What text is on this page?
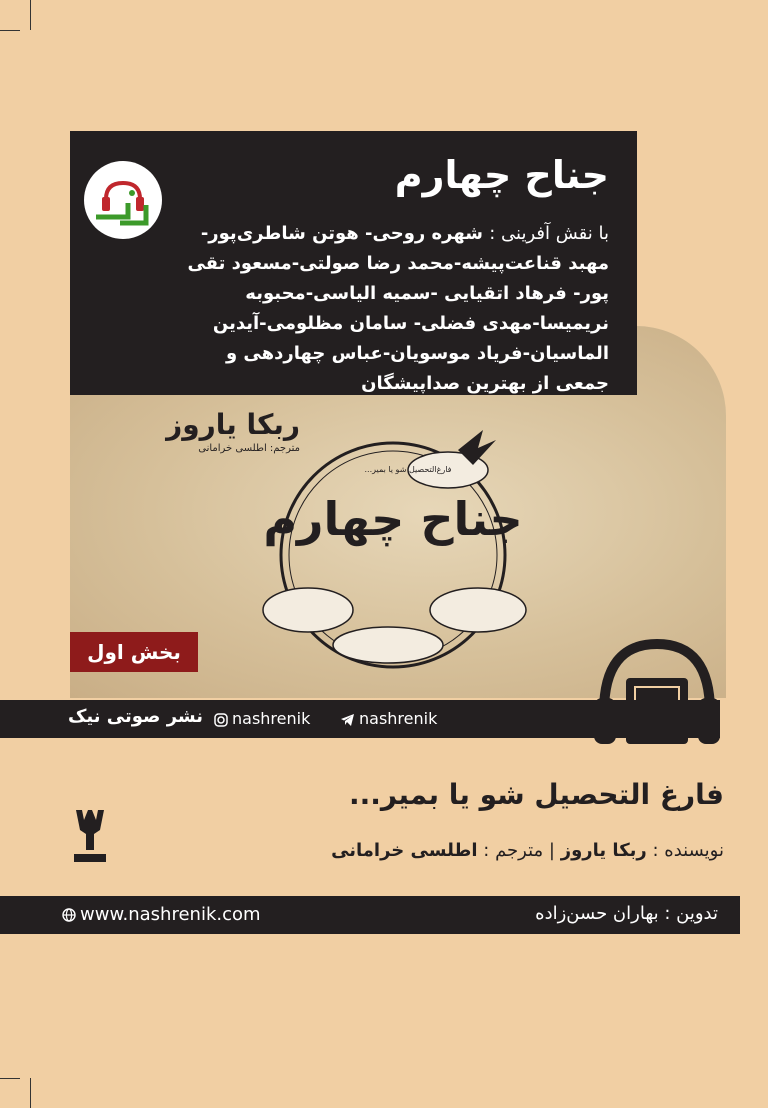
ربکا یاروز
مترجم: اطلسی خرامانی
جناح چهارم
فارغ‌التحصیل شو یا بمیر...
بخش اول
جناح چهارم
با نقش آفرینی : شهره روحی- هوتن شاطری‌پور- مهبد قناعت‌پیشه-محمد رضا صولتی-مسعود تقی پور- فرهاد اتقیایی -سمیه الیاسی-محبوبه نریمیسا-مهدی فضلی- سامان مظلومی-آیدین الماسیان-فریاد موسویان-عباس چهاردهی و جمعی از بهترین صداپیشگان
نشر صوتی نیک	nashrenik	nashrenik
فارغ التحصیل شو یا بمیر...
نویسنده : ربکا یاروز | مترجم : اطلسی خرامانی
www.nashrenik.com	تدوین : بهاران حسن‌زاده
